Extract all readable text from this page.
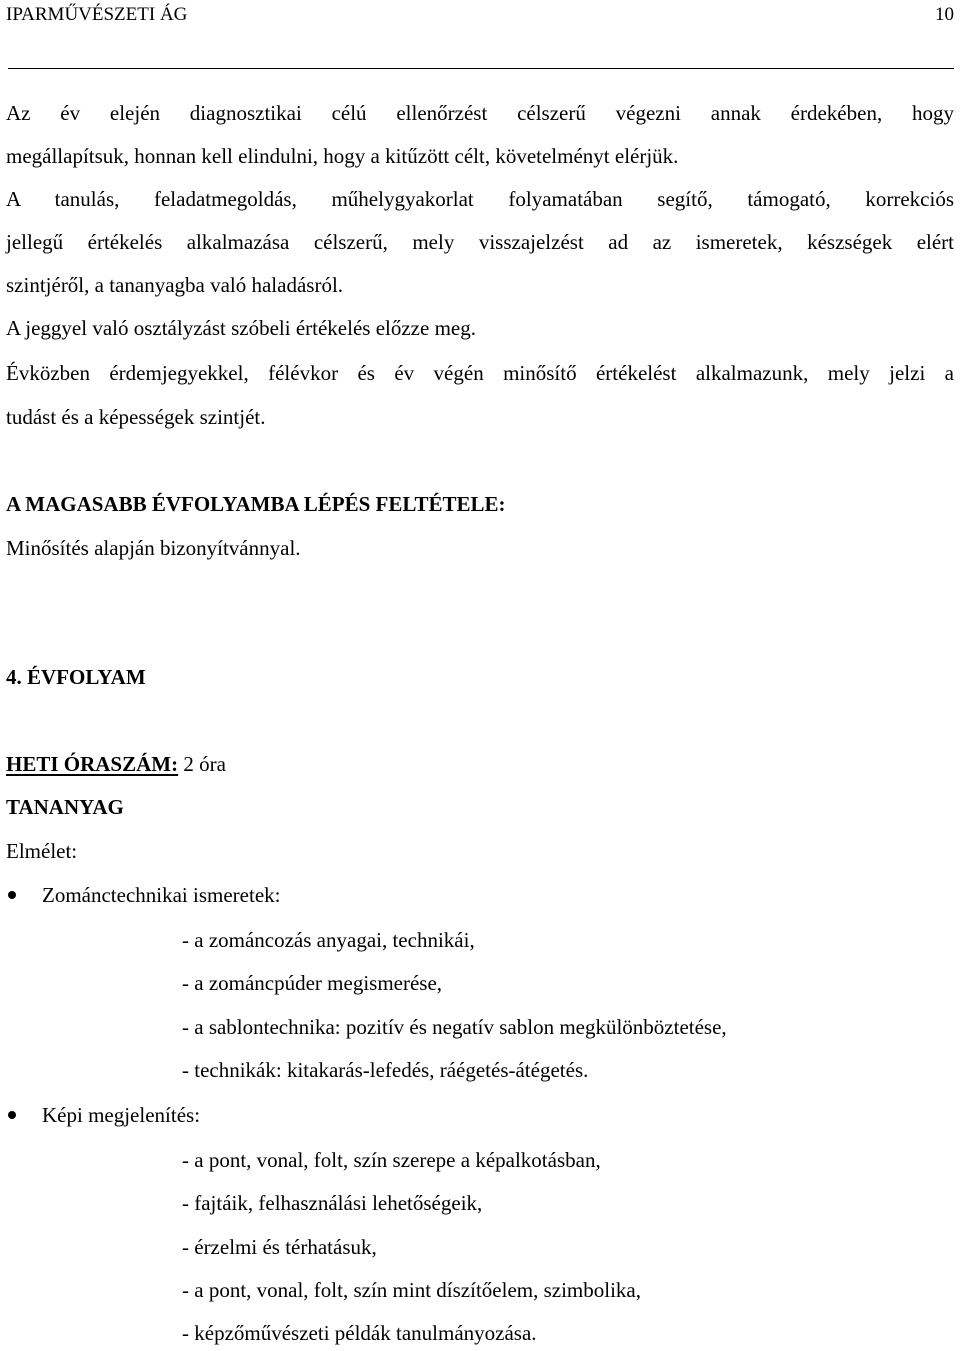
IPARMŰVÉSZETI ÁG	10
Az év elején diagnosztikai célú ellenőrzést célszerű végezni annak érdekében, hogy
megállapítsuk, honnan kell elindulni, hogy a kitűzött célt, követelményt elérjük.
A tanulás, feladatmegoldás, műhelygyakorlat folyamatában segítő, támogató, korrekciós
jellegű értékelés alkalmazása célszerű, mely visszajelzést ad az ismeretek, készségek elért
szintjéről, a tananyagba való haladásról.
A jeggyel való osztályzást szóbeli értékelés előzze meg.
Évközben érdemjegyekkel, félévkor és év végén minősítő értékelést alkalmazunk, mely jelzi a
tudást és a képességek szintjét.
A MAGASABB ÉVFOLYAMBA LÉPÉS FELTÉTELE:
Minősítés alapján bizonyítvánnyal.
4. ÉVFOLYAM
HETI ÓRASZÁM: 2 óra
TANANYAG
Elmélet:
Zománctechnikai ismeretek:
- a zománcozás anyagai, technikái,
- a zománcpúder megismerése,
- a sablontechnika: pozitív és negatív sablon megkülönböztetése,
- technikák: kitakarás-lefedés, ráégetés-átégetés.
Képi megjelenítés:
- a pont, vonal, folt, szín szerepe a képalkotásban,
- fajtáik, felhasználási lehetőségeik,
- érzelmi és térhatásuk,
- a pont, vonal, folt, szín mint díszítőelem, szimbolika,
- képzőművészeti példák tanulmányozása.
